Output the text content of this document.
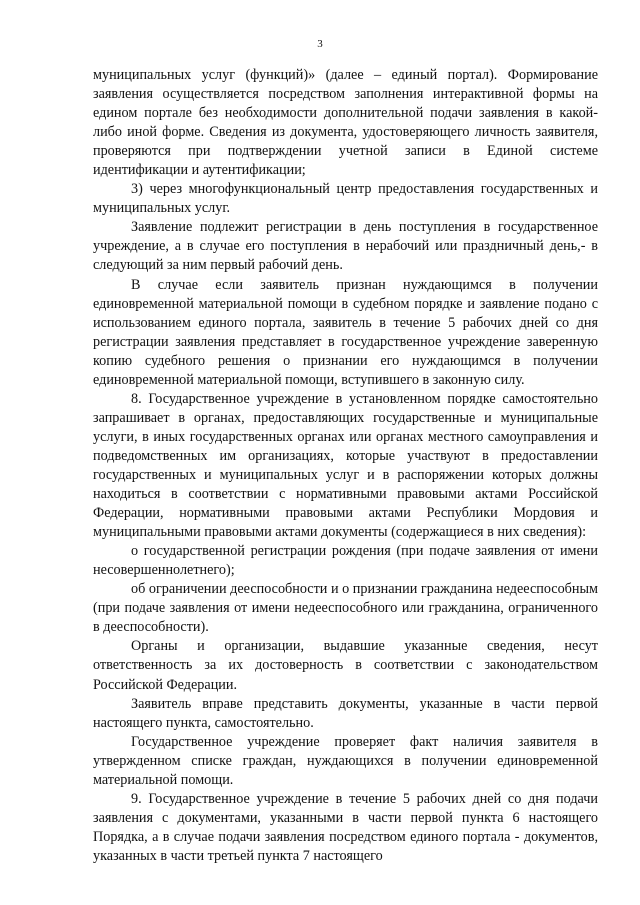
3

муниципальных услуг (функций)» (далее – единый портал). Формирование заявления осуществляется посредством заполнения интерактивной формы на едином портале без необходимости дополнительной подачи заявления в какой-либо иной форме. Сведения из документа, удостоверяющего личность заявителя, проверяются при подтверждении учетной записи в Единой системе идентификации и аутентификации;

3) через многофункциональный центр предоставления государственных и муниципальных услуг.

Заявление подлежит регистрации в день поступления в государственное учреждение, а в случае его поступления в нерабочий или праздничный день,- в следующий за ним первый рабочий день.

В случае если заявитель признан нуждающимся в получении единовременной материальной помощи в судебном порядке и заявление подано с использованием единого портала, заявитель в течение 5 рабочих дней со дня регистрации заявления представляет в государственное учреждение заверенную копию судебного решения о признании его нуждающимся в получении единовременной материальной помощи, вступившего в законную силу.

8. Государственное учреждение в установленном порядке самостоятельно запрашивает в органах, предоставляющих государственные и муниципальные услуги, в иных государственных органах или органах местного самоуправления и подведомственных им организациях, которые участвуют в предоставлении государственных и муниципальных услуг и в распоряжении которых должны находиться в соответствии с нормативными правовыми актами Российской Федерации, нормативными правовыми актами Республики Мордовия и муниципальными правовыми актами документы (содержащиеся в них сведения):

о государственной регистрации рождения (при подаче заявления от имени несовершеннолетнего);

об ограничении дееспособности и о признании гражданина недееспособным (при подаче заявления от имени недееспособного или гражданина, ограниченного в дееспособности).

Органы и организации, выдавшие указанные сведения, несут ответственность за их достоверность в соответствии с законодательством Российской Федерации.

Заявитель вправе представить документы, указанные в части первой настоящего пункта, самостоятельно.

Государственное учреждение проверяет факт наличия заявителя в утвержденном списке граждан, нуждающихся в получении единовременной материальной помощи.

9. Государственное учреждение в течение 5 рабочих дней со дня подачи заявления с документами, указанными в части первой пункта 6 настоящего Порядка, а в случае подачи заявления посредством единого портала - документов, указанных в части третьей пункта 7 настоящего
